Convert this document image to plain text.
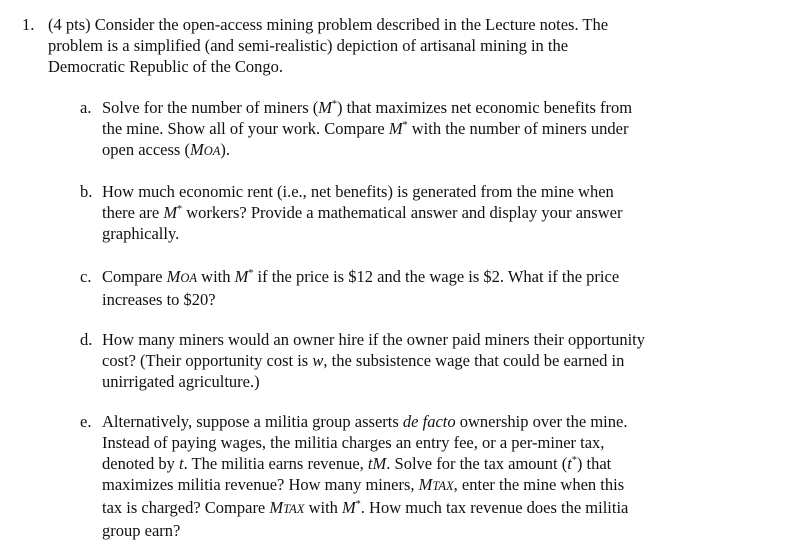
1. (4 pts) Consider the open-access mining problem described in the Lecture notes. The
problem is a simplified (and semi-realistic) depiction of artisanal mining in the
Democratic Republic of the Congo.
a. Solve for the number of miners (M*) that maximizes net economic benefits from
the mine. Show all of your work. Compare M* with the number of miners under
open access (MOA).
b. How much economic rent (i.e., net benefits) is generated from the mine when
there are M* workers? Provide a mathematical answer and display your answer
graphically.
c. Compare MOA with M* if the price is $12 and the wage is $2. What if the price
increases to $20?
d. How many miners would an owner hire if the owner paid miners their opportunity
cost? (Their opportunity cost is w, the subsistence wage that could be earned in
unirrigated agriculture.)
e. Alternatively, suppose a militia group asserts de facto ownership over the mine.
Instead of paying wages, the militia charges an entry fee, or a per-miner tax,
denoted by t. The militia earns revenue, tM. Solve for the tax amount (t*) that
maximizes militia revenue? How many miners, MTAX, enter the mine when this
tax is charged? Compare MTAX with M*. How much tax revenue does the militia
group earn?
